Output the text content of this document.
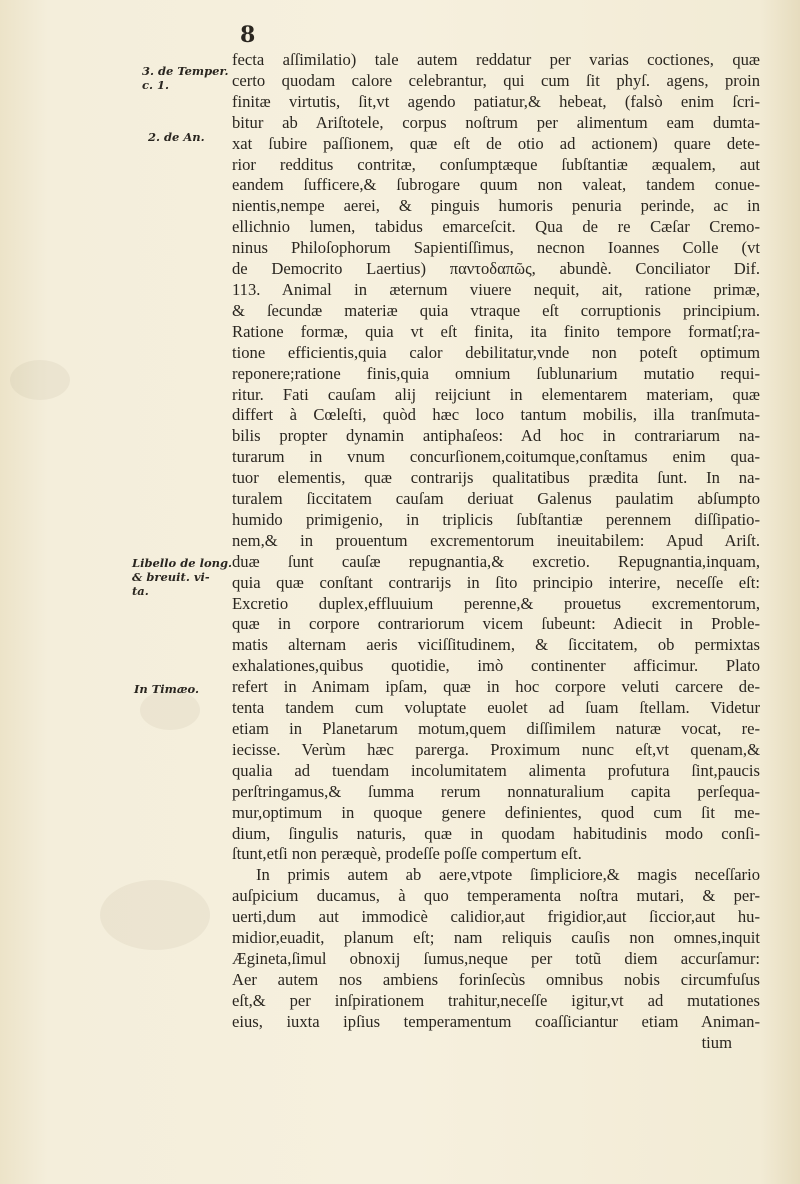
8
3. de Temper.
c. 1.
2. de An.
Libello de long.
& breuit. vi-
ta.
In Timæo.
fecta aſſimilatio) tale autem reddatur per varias coctiones, quæ
certo quodam calore celebrantur, qui cum ſit phyſ. agens, proin
finitæ virtutis, ſit,vt agendo patiatur,& hebeat, (falsò enim ſcri-
bitur ab Ariſtotele, corpus noſtrum per alimentum eam dumta-
xat ſubire paſſionem, quæ eſt de otio ad actionem) quare dete-
rior redditus contritæ, conſumptæque ſubſtantiæ æqualem, aut
eandem ſufficere,& ſubrogare quum non valeat, tandem conue-
nientis,nempe aerei, & pinguis humoris penuria perinde, ac in
ellichnio lumen, tabidus emarceſcit. Qua de re Cæſar Cremo-
ninus Philoſophorum Sapientiſſimus, necnon Ioannes Colle (vt
de Democrito Laertius) παντοδαπῶς, abundè. Conciliator Dif.
113. Animal in æternum viuere nequit, ait, ratione primæ,
& ſecundæ materiæ quia vtraque eſt corruptionis principium.
Ratione formæ, quia vt eſt finita, ita finito tempore formatſ;ra-
tione efficientis,quia calor debilitatur,vnde non poteſt optimum
reponere;ratione finis,quia omnium ſublunarium mutatio requi-
ritur. Fati cauſam alij reijciunt in elementarem materiam, quæ
differt à Cœleſti, quòd hæc loco tantum mobilis, illa tranſmuta-
bilis propter dynamin antiphaſeos: Ad hoc in contrariarum na-
turarum in vnum concurſionem,coitumque,conſtamus enim qua-
tuor elementis, quæ contrarijs qualitatibus prædita ſunt. In na-
turalem ſiccitatem cauſam deriuat Galenus paulatim abſumpto
humido primigenio, in triplicis ſubſtantiæ perennem diſſipatio-
nem,& in prouentum excrementorum ineuitabilem: Apud Ariſt.
duæ ſunt cauſæ repugnantia,& excretio. Repugnantia,inquam,
quia quæ conſtant contrarijs in ſito principio interire, neceſſe eſt:
Excretio duplex,effluuium perenne,& prouetus excrementorum,
quæ in corpore contrariorum vicem ſubeunt: Adiecit in Proble-
matis alternam aeris viciſſitudinem, & ſiccitatem, ob permixtas
exhalationes,quibus quotidie, imò continenter afficimur. Plato
refert in Animam ipſam, quæ in hoc corpore veluti carcere de-
tenta tandem cum voluptate euolet ad ſuam ſtellam. Videtur
etiam in Planetarum motum,quem diſſimilem naturæ vocat, re-
iecisse. Verùm hæc parerga. Proximum nunc eſt,vt quenam,&
qualia ad tuendam incolumitatem alimenta profutura ſint,paucis
perſtringamus,& ſumma rerum nonnaturalium capita perſequa-
mur,optimum in quoque genere definientes, quod cum ſit me-
dium, ſingulis naturis, quæ in quodam habitudinis modo conſi-
ſtunt,etſi non peræquè, prodeſſe poſſe compertum eſt.
In primis autem ab aere,vtpote ſimpliciore,& magis neceſſario
auſpicium ducamus, à quo temperamenta noſtra mutari, & per-
uerti,dum aut immodicè calidior,aut frigidior,aut ſiccior,aut hu-
midior,euadit, planum eſt; nam reliquis cauſis non omnes,inquit
Ægineta,ſimul obnoxij ſumus,neque per totũ diem accurſamur:
Aer autem nos ambiens forinſecùs omnibus nobis circumfuſus
eſt,& per inſpirationem trahitur,neceſſe igitur,vt ad mutationes
eius, iuxta ipſius temperamentum coaſſiciantur etiam Animan-
tium
